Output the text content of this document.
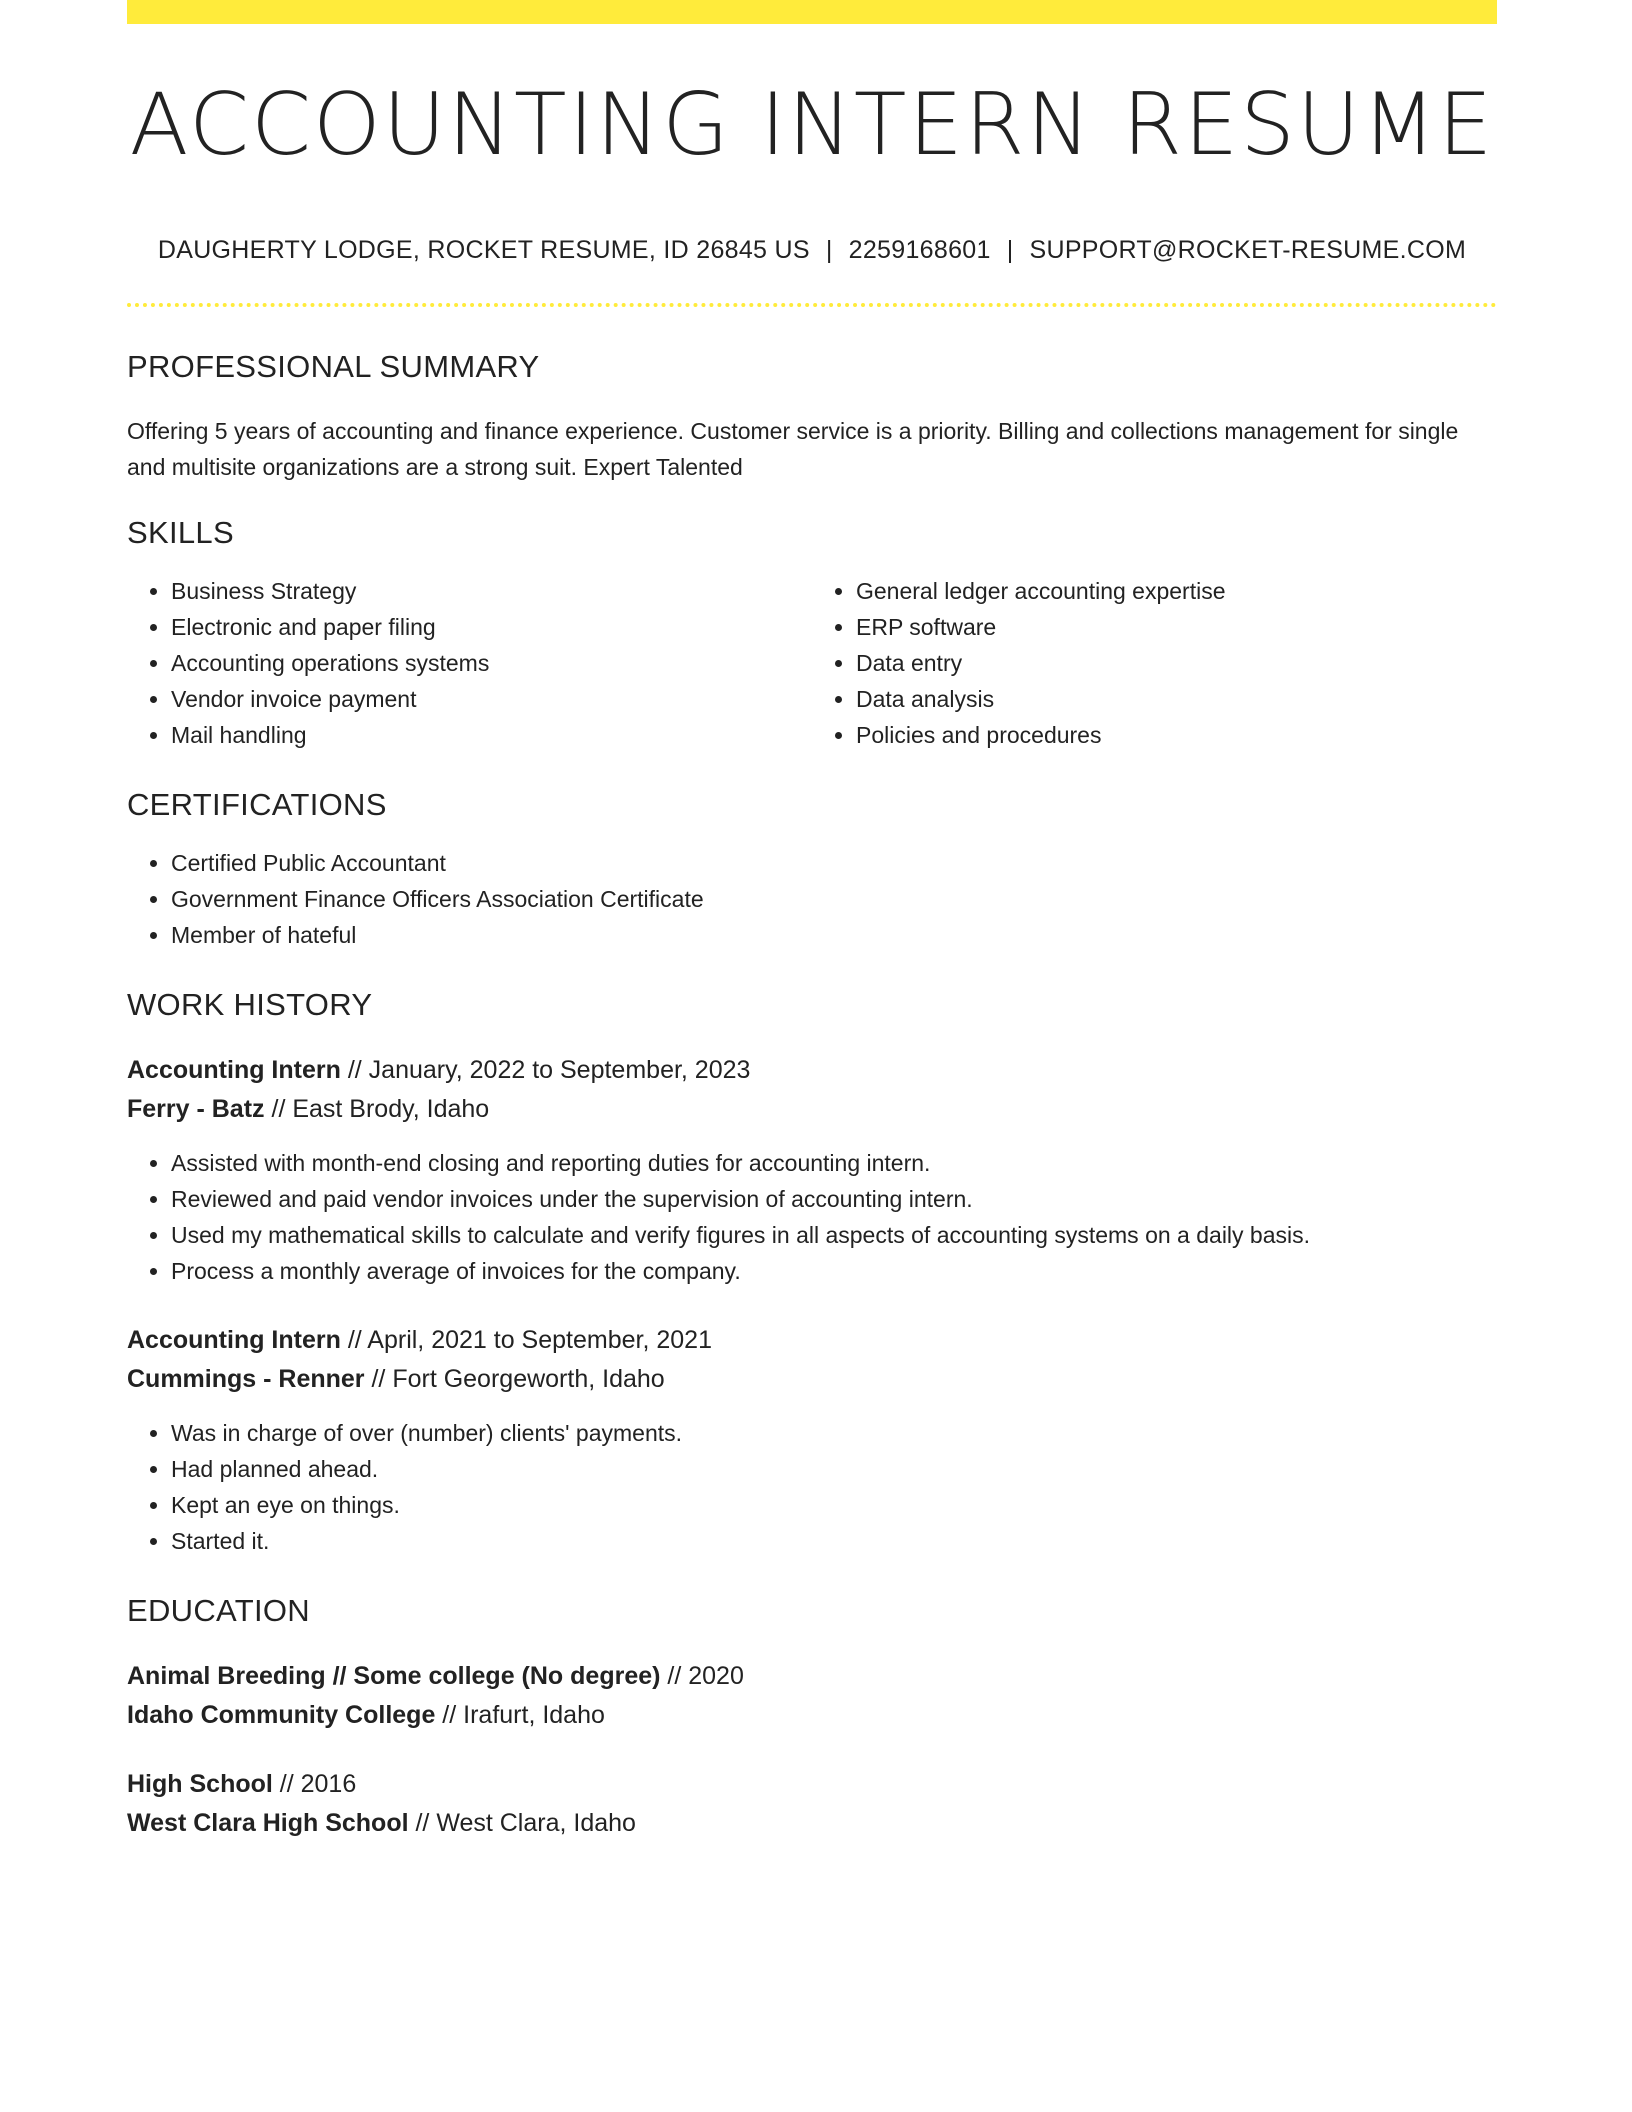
ACCOUNTING INTERN RESUME
DAUGHERTY LODGE, ROCKET RESUME, ID 26845 US | 2259168601 | SUPPORT@ROCKET-RESUME.COM
PROFESSIONAL SUMMARY
Offering 5 years of accounting and finance experience. Customer service is a priority. Billing and collections management for single and multisite organizations are a strong suit. Expert Talented
SKILLS
• Business Strategy
• Electronic and paper filing
• Accounting operations systems
• Vendor invoice payment
• Mail handling
• General ledger accounting expertise
• ERP software
• Data entry
• Data analysis
• Policies and procedures
CERTIFICATIONS
• Certified Public Accountant
• Government Finance Officers Association Certificate
• Member of hateful
WORK HISTORY
Accounting Intern // January, 2022 to September, 2023
Ferry - Batz // East Brody, Idaho
• Assisted with month-end closing and reporting duties for accounting intern.
• Reviewed and paid vendor invoices under the supervision of accounting intern.
• Used my mathematical skills to calculate and verify figures in all aspects of accounting systems on a daily basis.
• Process a monthly average of invoices for the company.
Accounting Intern // April, 2021 to September, 2021
Cummings - Renner // Fort Georgeworth, Idaho
• Was in charge of over (number) clients' payments.
• Had planned ahead.
• Kept an eye on things.
• Started it.
EDUCATION
Animal Breeding // Some college (No degree) // 2020
Idaho Community College // Irafurt, Idaho
High School // 2016
West Clara High School // West Clara, Idaho
